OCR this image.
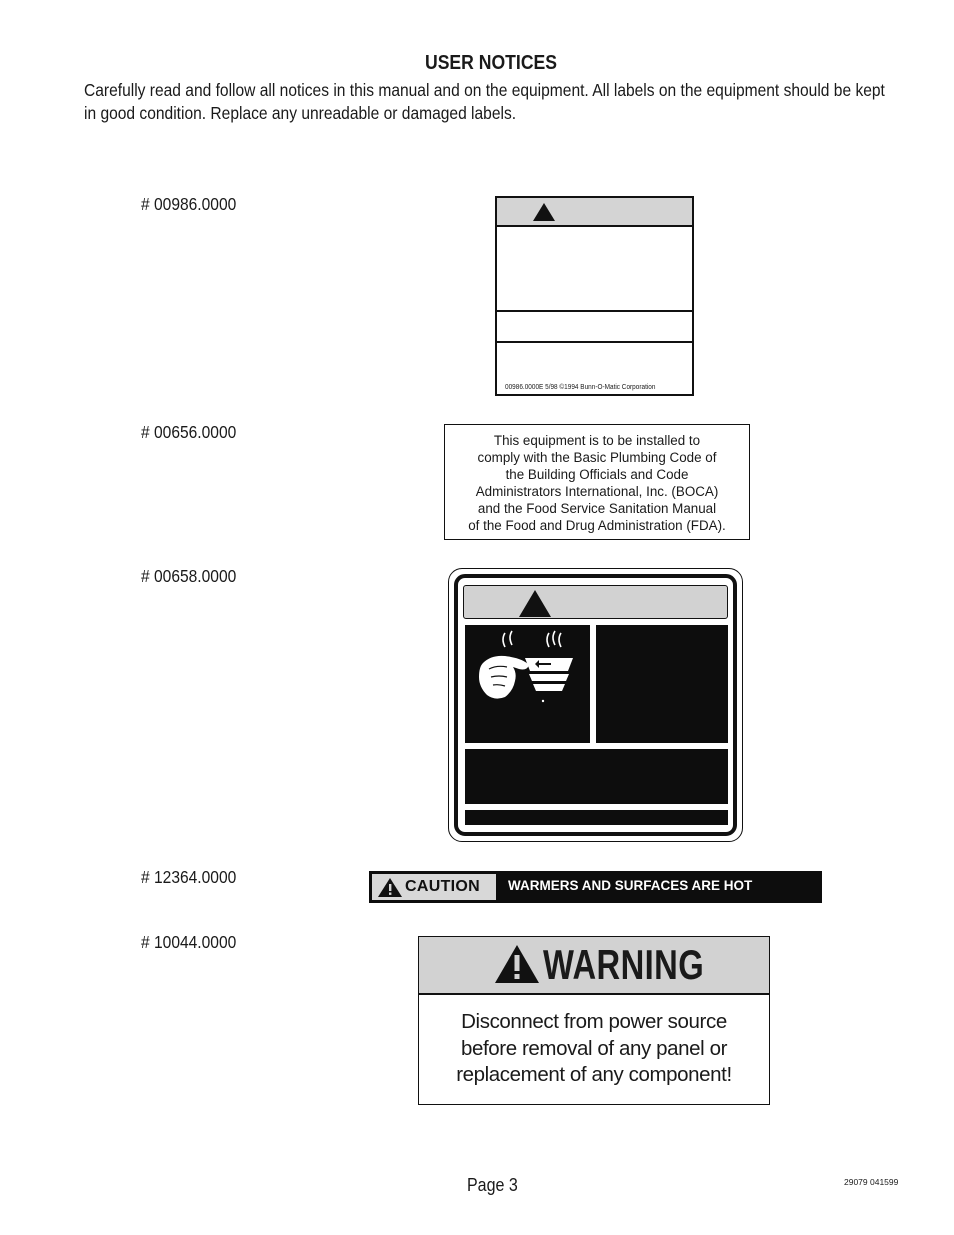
USER NOTICES
Carefully read and follow all notices in this manual and on the equipment. All labels on the equipment should be kept in good condition. Replace any unreadable or damaged labels.
# 00986.0000
# 00656.0000
# 00658.0000
# 12364.0000
# 10044.0000
00986.0000E 5/98 ©1994 Bunn-O-Matic Corporation
This equipment is to be installed to
comply with the Basic Plumbing Code of
the Building Officials and Code
Administrators International, Inc. (BOCA)
and the Food Service Sanitation Manual
of the Food and Drug Administration (FDA).
CAUTION WARMERS AND SURFACES ARE HOT
WARNING
Disconnect from power source
before removal of any panel or
replacement of any component!
Page 3	29079 041599
